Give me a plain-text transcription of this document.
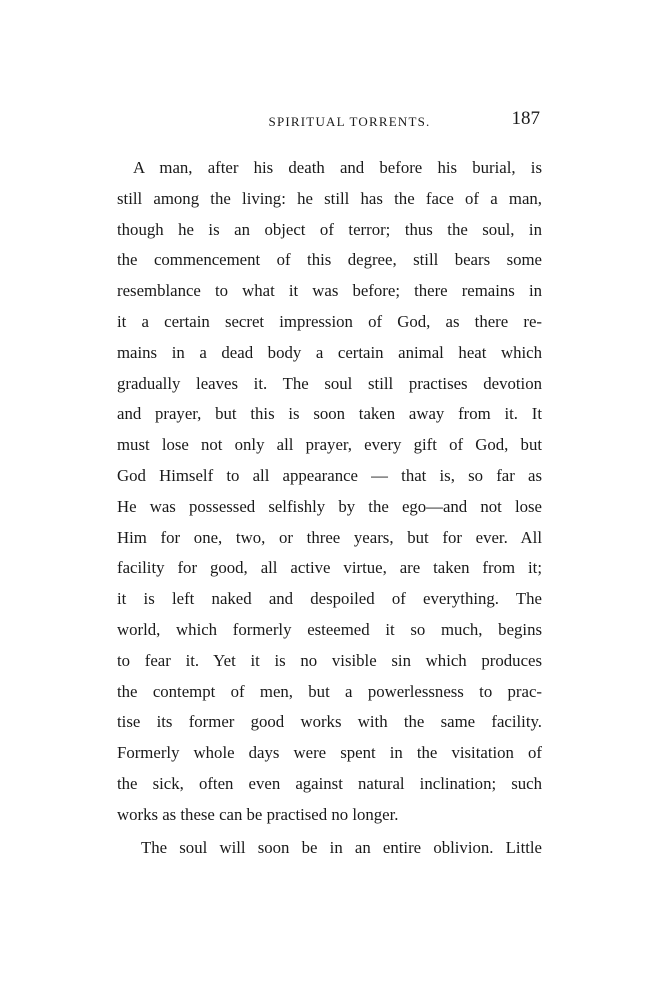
SPIRITUAL TORRENTS.	187
A man, after his death and before his burial, is
still among the living: he still has the face of a man,
though he is an object of terror; thus the soul, in
the commencement of this degree, still bears some
resemblance to what it was before; there remains in
it a certain secret impression of God, as there re-
mains in a dead body a certain animal heat which
gradually leaves it. The soul still practises devotion
and prayer, but this is soon taken away from it. It
must lose not only all prayer, every gift of God, but
God Himself to all appearance — that is, so far as
He was possessed selfishly by the ego—and not lose
Him for one, two, or three years, but for ever. All
facility for good, all active virtue, are taken from it;
it is left naked and despoiled of everything. The
world, which formerly esteemed it so much, begins
to fear it. Yet it is no visible sin which produces
the contempt of men, but a powerlessness to prac-
tise its former good works with the same facility.
Formerly whole days were spent in the visitation of
the sick, often even against natural inclination; such
works as these can be practised no longer.
The soul will soon be in an entire oblivion. Little
